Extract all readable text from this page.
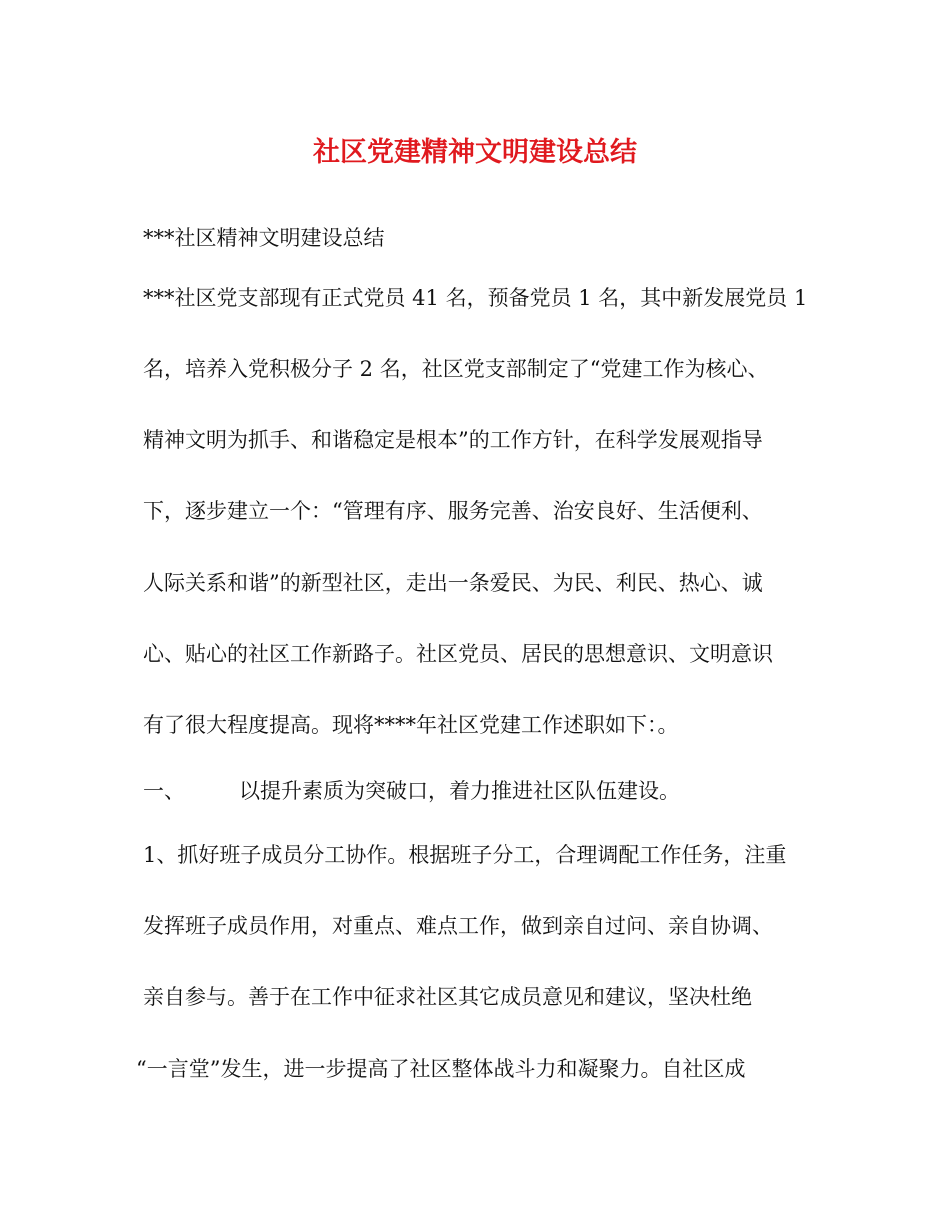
社区党建精神文明建设总结
***社区精神文明建设总结
***社区党支部现有正式党员 41 名，预备党员 1 名，其中新发展党员 1
名，培养入党积极分子 2 名，社区党支部制定了“党建工作为核心、
精神文明为抓手、和谐稳定是根本”的工作方针，在科学发展观指导
下，逐步建立一个：“管理有序、服务完善、治安良好、生活便利、
人际关系和谐”的新型社区，走出一条爱民、为民、利民、热心、诚
心、贴心的社区工作新路子。社区党员、居民的思想意识、文明意识
有了很大程度提高。现将****年社区党建工作述职如下：。
一、	以提升素质为突破口，着力推进社区队伍建设。
1、抓好班子成员分工协作。根据班子分工，合理调配工作任务，注重
发挥班子成员作用，对重点、难点工作，做到亲自过问、亲自协调、
亲自参与。善于在工作中征求社区其它成员意见和建议，坚决杜绝
“一言堂”发生，进一步提高了社区整体战斗力和凝聚力。自社区成
